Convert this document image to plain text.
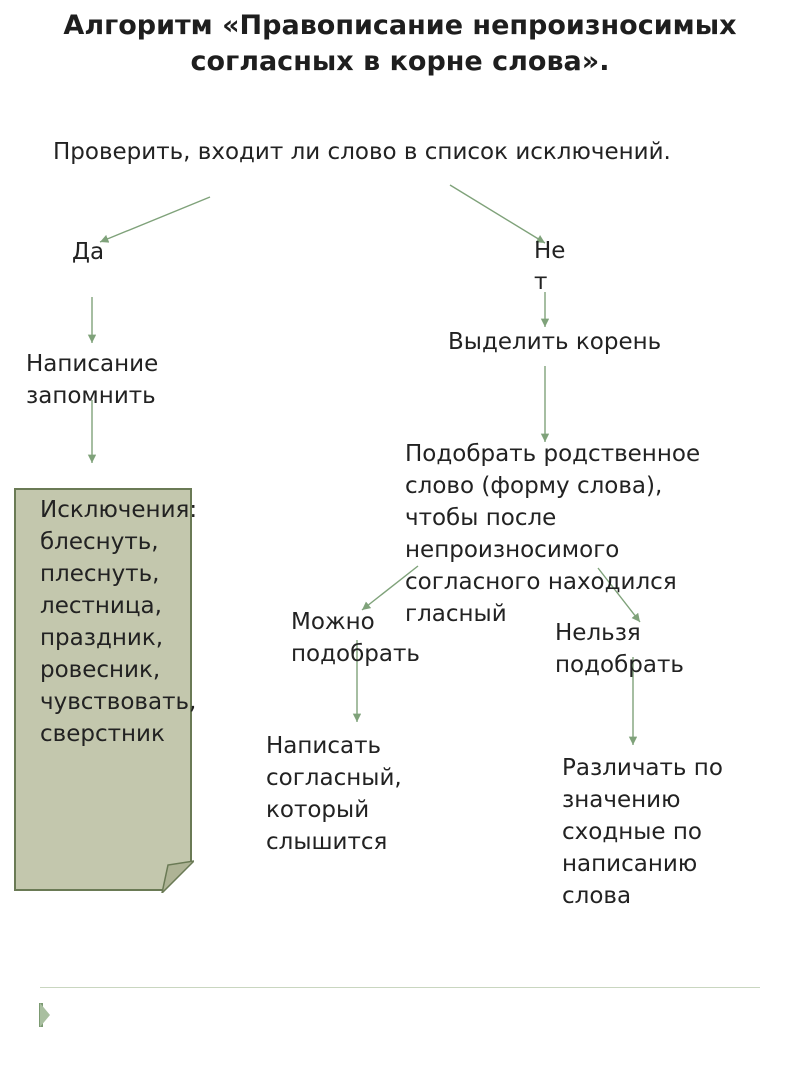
Алгоритм «Правописание непроизносимых согласных в корне слова».
Проверить, входит ли слово в список исключений.
Да	Не
т
Написание
запомнить
Выделить корень
Исключения:
блеснуть,
плеснуть,
лестница,
праздник,
ровесник,
чувствовать,
сверстник
Подобрать родственное
слово (форму слова),
чтобы после
непроизносимого
согласного находился
гласный
Можно
подобрать
Нельзя
подобрать
Написать
согласный,
который
слышится
Различать по
значению
сходные по
написанию
слова
